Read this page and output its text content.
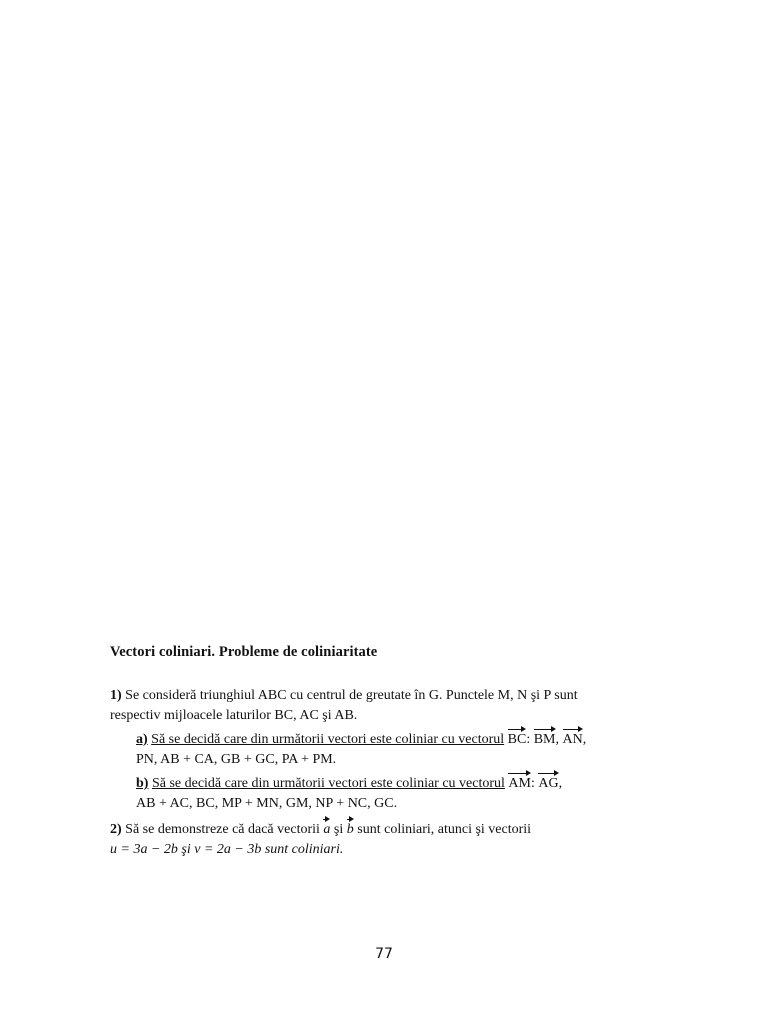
Vectori coliniari. Probleme de coliniaritate
1) Se consideră triunghiul ABC cu centrul de greutate în G. Punctele M, N şi P sunt
respectiv mijloacele laturilor BC, AC şi AB.
a) Să se decidă care din următorii vectori este coliniar cu vectorul BC: BM, AN,
PN, AB + CA, GB + GC, PA + PM.
b) Să se decidă care din următorii vectori este coliniar cu vectorul AM: AG,
AB + AC, BC, MP + MN, GM, NP + NC, GC.
2) Să se demonstreze că dacă vectorii a şi b sunt coliniari, atunci şi vectorii
u = 3a − 2b şi v = 2a − 3b sunt coliniari.
77
